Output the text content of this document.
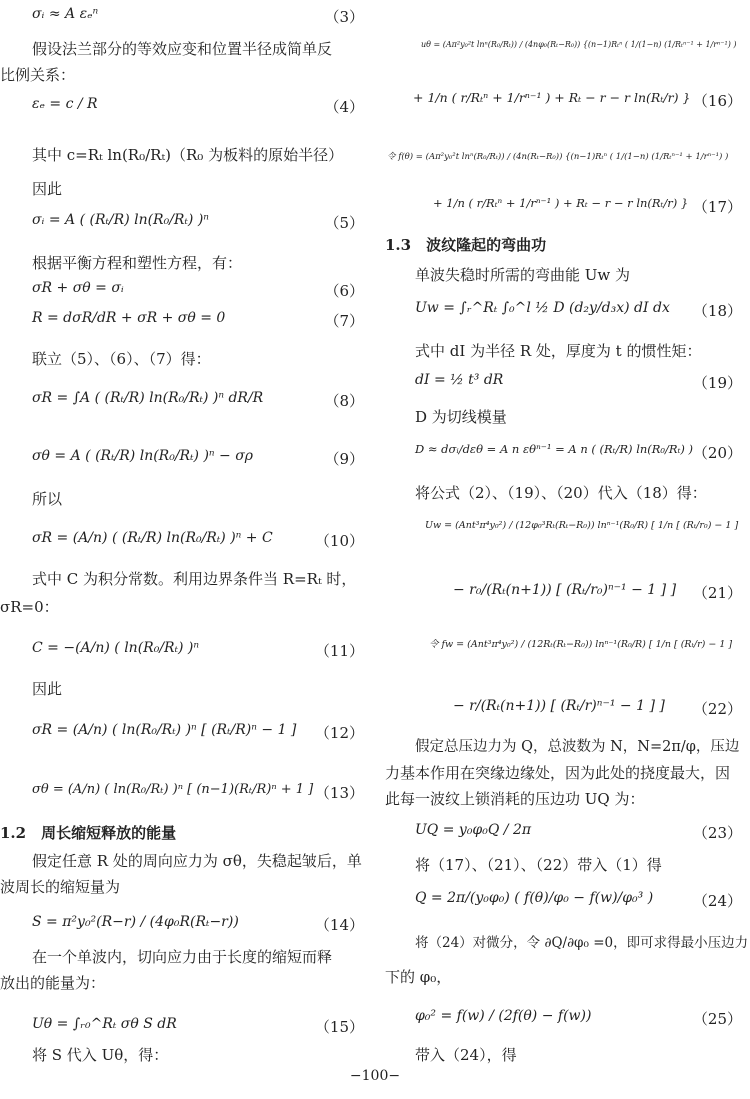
σᵢ ≈ A εₑⁿ	（3）
假设法兰部分的等效应变和位置半径成简单反
比例关系：
εₑ = c / R	（4）
其中 c=Rₜ ln(R₀/Rₜ)（R₀ 为板料的原始半径）
因此
σᵢ = A ( (Rₜ/R) ln(R₀/Rₜ) )ⁿ	（5）
根据平衡方程和塑性方程，有：
σR + σθ = σᵢ	（6）
R = dσR/dR + σR + σθ = 0	（7）
联立（5）、（6）、（7）得：
σR = ∫A ( (Rₜ/R) ln(R₀/Rₜ) )ⁿ dR/R	（8）
σθ = A ( (Rₜ/R) ln(R₀/Rₜ) )ⁿ − σρ	（9）
所以
σR = (A/n) ( (Rₜ/R) ln(R₀/Rₜ) )ⁿ + C	（10）
式中 C 为积分常数。利用边界条件当 R=Rₜ 时，
σR=0：
C = −(A/n) ( ln(R₀/Rₜ) )ⁿ	（11）
因此
σR = (A/n) ( ln(R₀/Rₜ) )ⁿ [ (Rₜ/R)ⁿ − 1 ] （12）
σθ = (A/n) ( ln(R₀/Rₜ) )ⁿ [ (n−1)(Rₜ/R)ⁿ + 1 ] （13）
1.2　周长缩短释放的能量
假定任意 R 处的周向应力为 σθ，失稳起皱后，单
波周长的缩短量为
S = π²y₀²(R−r) / (4φ₀R(Rₜ−r))	（14）
在一个单波内，切向应力由于长度的缩短而释
放出的能量为：
Uθ = ∫ᵣ₀^Rₜ σθ S dR	（15）
将 S 代入 Uθ，得：
uθ = (Aπ²y₀²t lnⁿ(R₀/Rₜ)) / (4nφ₀(Rₜ−R₀)) {(n−1)Rₜⁿ ( 1/(1−n) (1/Rₜⁿ⁻¹ + 1/rⁿ⁻¹) )
+ 1/n ( r/Rₜⁿ + 1/rⁿ⁻¹ ) + Rₜ − r − r ln(Rₜ/r) } （16）
令 f(θ) = (Aπ²y₀²t lnⁿ(R₀/Rₜ)) / (4n(Rₜ−R₀)) {(n−1)Rₜⁿ ( 1/(1−n) (1/Rₜⁿ⁻¹ + 1/rⁿ⁻¹) )
+ 1/n ( r/Rₜⁿ + 1/rⁿ⁻¹ ) + Rₜ − r − r ln(Rₜ/r) } （17）
1.3　波纹隆起的弯曲功
单波失稳时所需的弯曲能 Uw 为
Uw = ∫ᵣ^Rₜ ∫₀^l ½ D (d₂y/d₃x) dI dx （18）
式中 dI 为半径 R 处，厚度为 t 的惯性矩：
dI = ½ t³ dR	（19）
D 为切线模量
D ≈ dσᵢ/dεθ = A n εθⁿ⁻¹ = A n ( (Rₜ/R) ln(R₀/Rₜ) ) （20）
将公式（2）、（19）、（20）代入（18）得：
Uw = (Ant³π⁴y₀²) / (12φ₀³Rₜ(Rₜ−R₀)) lnⁿ⁻¹(R₀/R) [ 1/n [ (Rₜ/r₀) − 1 ]
− r₀/(Rₜ(n+1)) [ (Rₜ/r₀)ⁿ⁻¹ − 1 ] ] （21）
令 fw = (Ant³π⁴y₀²) / (12Rₜ(Rₜ−R₀)) lnⁿ⁻¹(R₀/R) [ 1/n [ (Rₜ/r) − 1 ]
− r/(Rₜ(n+1)) [ (Rₜ/r)ⁿ⁻¹ − 1 ] ] （22）
假定总压边力为 Q，总波数为 N，N=2π/φ，压边
力基本作用在突缘边缘处，因为此处的挠度最大，因
此每一波纹上锁消耗的压边功 UQ 为：
UQ = y₀φ₀Q / 2π	（23）
将（17）、（21）、（22）带入（1）得
Q = 2π/(y₀φ₀) ( f(θ)/φ₀ − f(w)/φ₀³ )	（24）
将（24）对微分，令 ∂Q/∂φ₀ =0，即可求得最小压边力
下的 φ₀，
φ₀² = f(w) / (2f(θ) − f(w))	（25）
带入（24），得
−100−
